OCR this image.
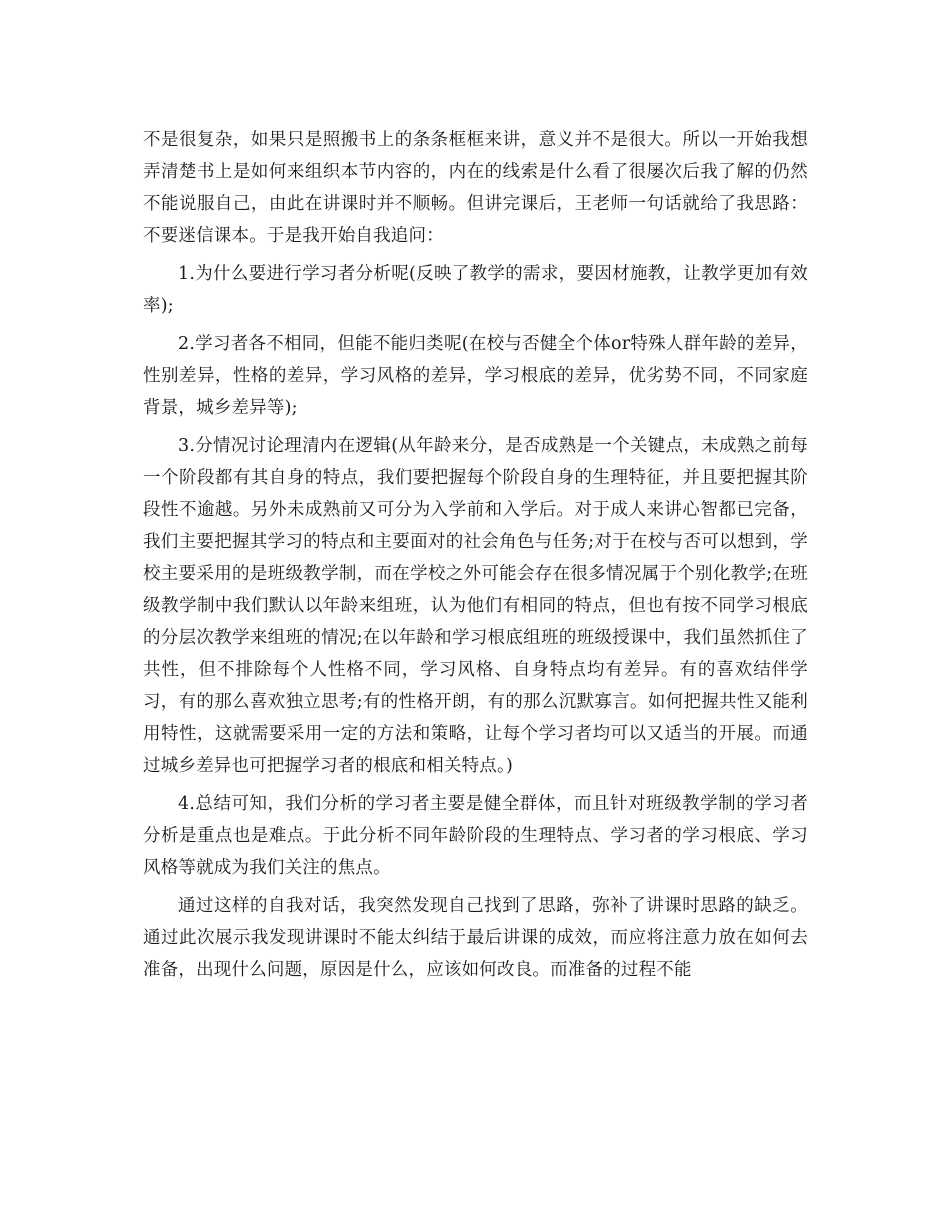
不是很复杂，如果只是照搬书上的条条框框来讲，意义并不是很大。所以一开始我想弄清楚书上是如何来组织本节内容的，内在的线索是什么看了很屡次后我了解的仍然不能说服自己，由此在讲课时并不顺畅。但讲完课后，王老师一句话就给了我思路：不要迷信课本。于是我开始自我追问：

1.为什么要进行学习者分析呢(反映了教学的需求，要因材施教，让教学更加有效率);

2.学习者各不相同，但能不能归类呢(在校与否健全个体or特殊人群年龄的差异，性别差异，性格的差异，学习风格的差异，学习根底的差异，优劣势不同，不同家庭背景，城乡差异等);

3.分情况讨论理清内在逻辑(从年龄来分，是否成熟是一个关键点，未成熟之前每一个阶段都有其自身的特点，我们要把握每个阶段自身的生理特征，并且要把握其阶段性不逾越。另外未成熟前又可分为入学前和入学后。对于成人来讲心智都已完备，我们主要把握其学习的特点和主要面对的社会角色与任务;对于在校与否可以想到，学校主要采用的是班级教学制，而在学校之外可能会存在很多情况属于个别化教学;在班级教学制中我们默认以年龄来组班，认为他们有相同的特点，但也有按不同学习根底的分层次教学来组班的情况;在以年龄和学习根底组班的班级授课中，我们虽然抓住了共性，但不排除每个人性格不同，学习风格、自身特点均有差异。有的喜欢结伴学习，有的那么喜欢独立思考;有的性格开朗，有的那么沉默寡言。如何把握共性又能利用特性，这就需要采用一定的方法和策略，让每个学习者均可以又适当的开展。而通过城乡差异也可把握学习者的根底和相关特点。)

4.总结可知，我们分析的学习者主要是健全群体，而且针对班级教学制的学习者分析是重点也是难点。于此分析不同年龄阶段的生理特点、学习者的学习根底、学习风格等就成为我们关注的焦点。

通过这样的自我对话，我突然发现自己找到了思路，弥补了讲课时思路的缺乏。通过此次展示我发现讲课时不能太纠结于最后讲课的成效，而应将注意力放在如何去准备，出现什么问题，原因是什么，应该如何改良。而准备的过程不能
